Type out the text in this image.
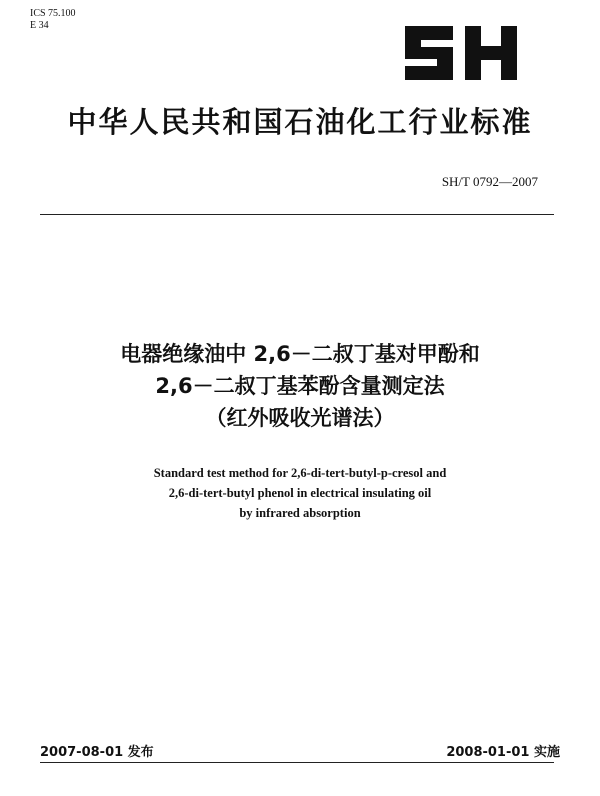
ICS 75.100
E 34
中华人民共和国石油化工行业标准
SH/T 0792—2007
电器绝缘油中 2,6－二叔丁基对甲酚和
2,6－二叔丁基苯酚含量测定法
（红外吸收光谱法）
Standard test method for 2,6-di-tert-butyl-p-cresol and
2,6-di-tert-butyl phenol in electrical insulating oil
by infrared absorption
2007-08-01 发布	2008-01-01 实施
